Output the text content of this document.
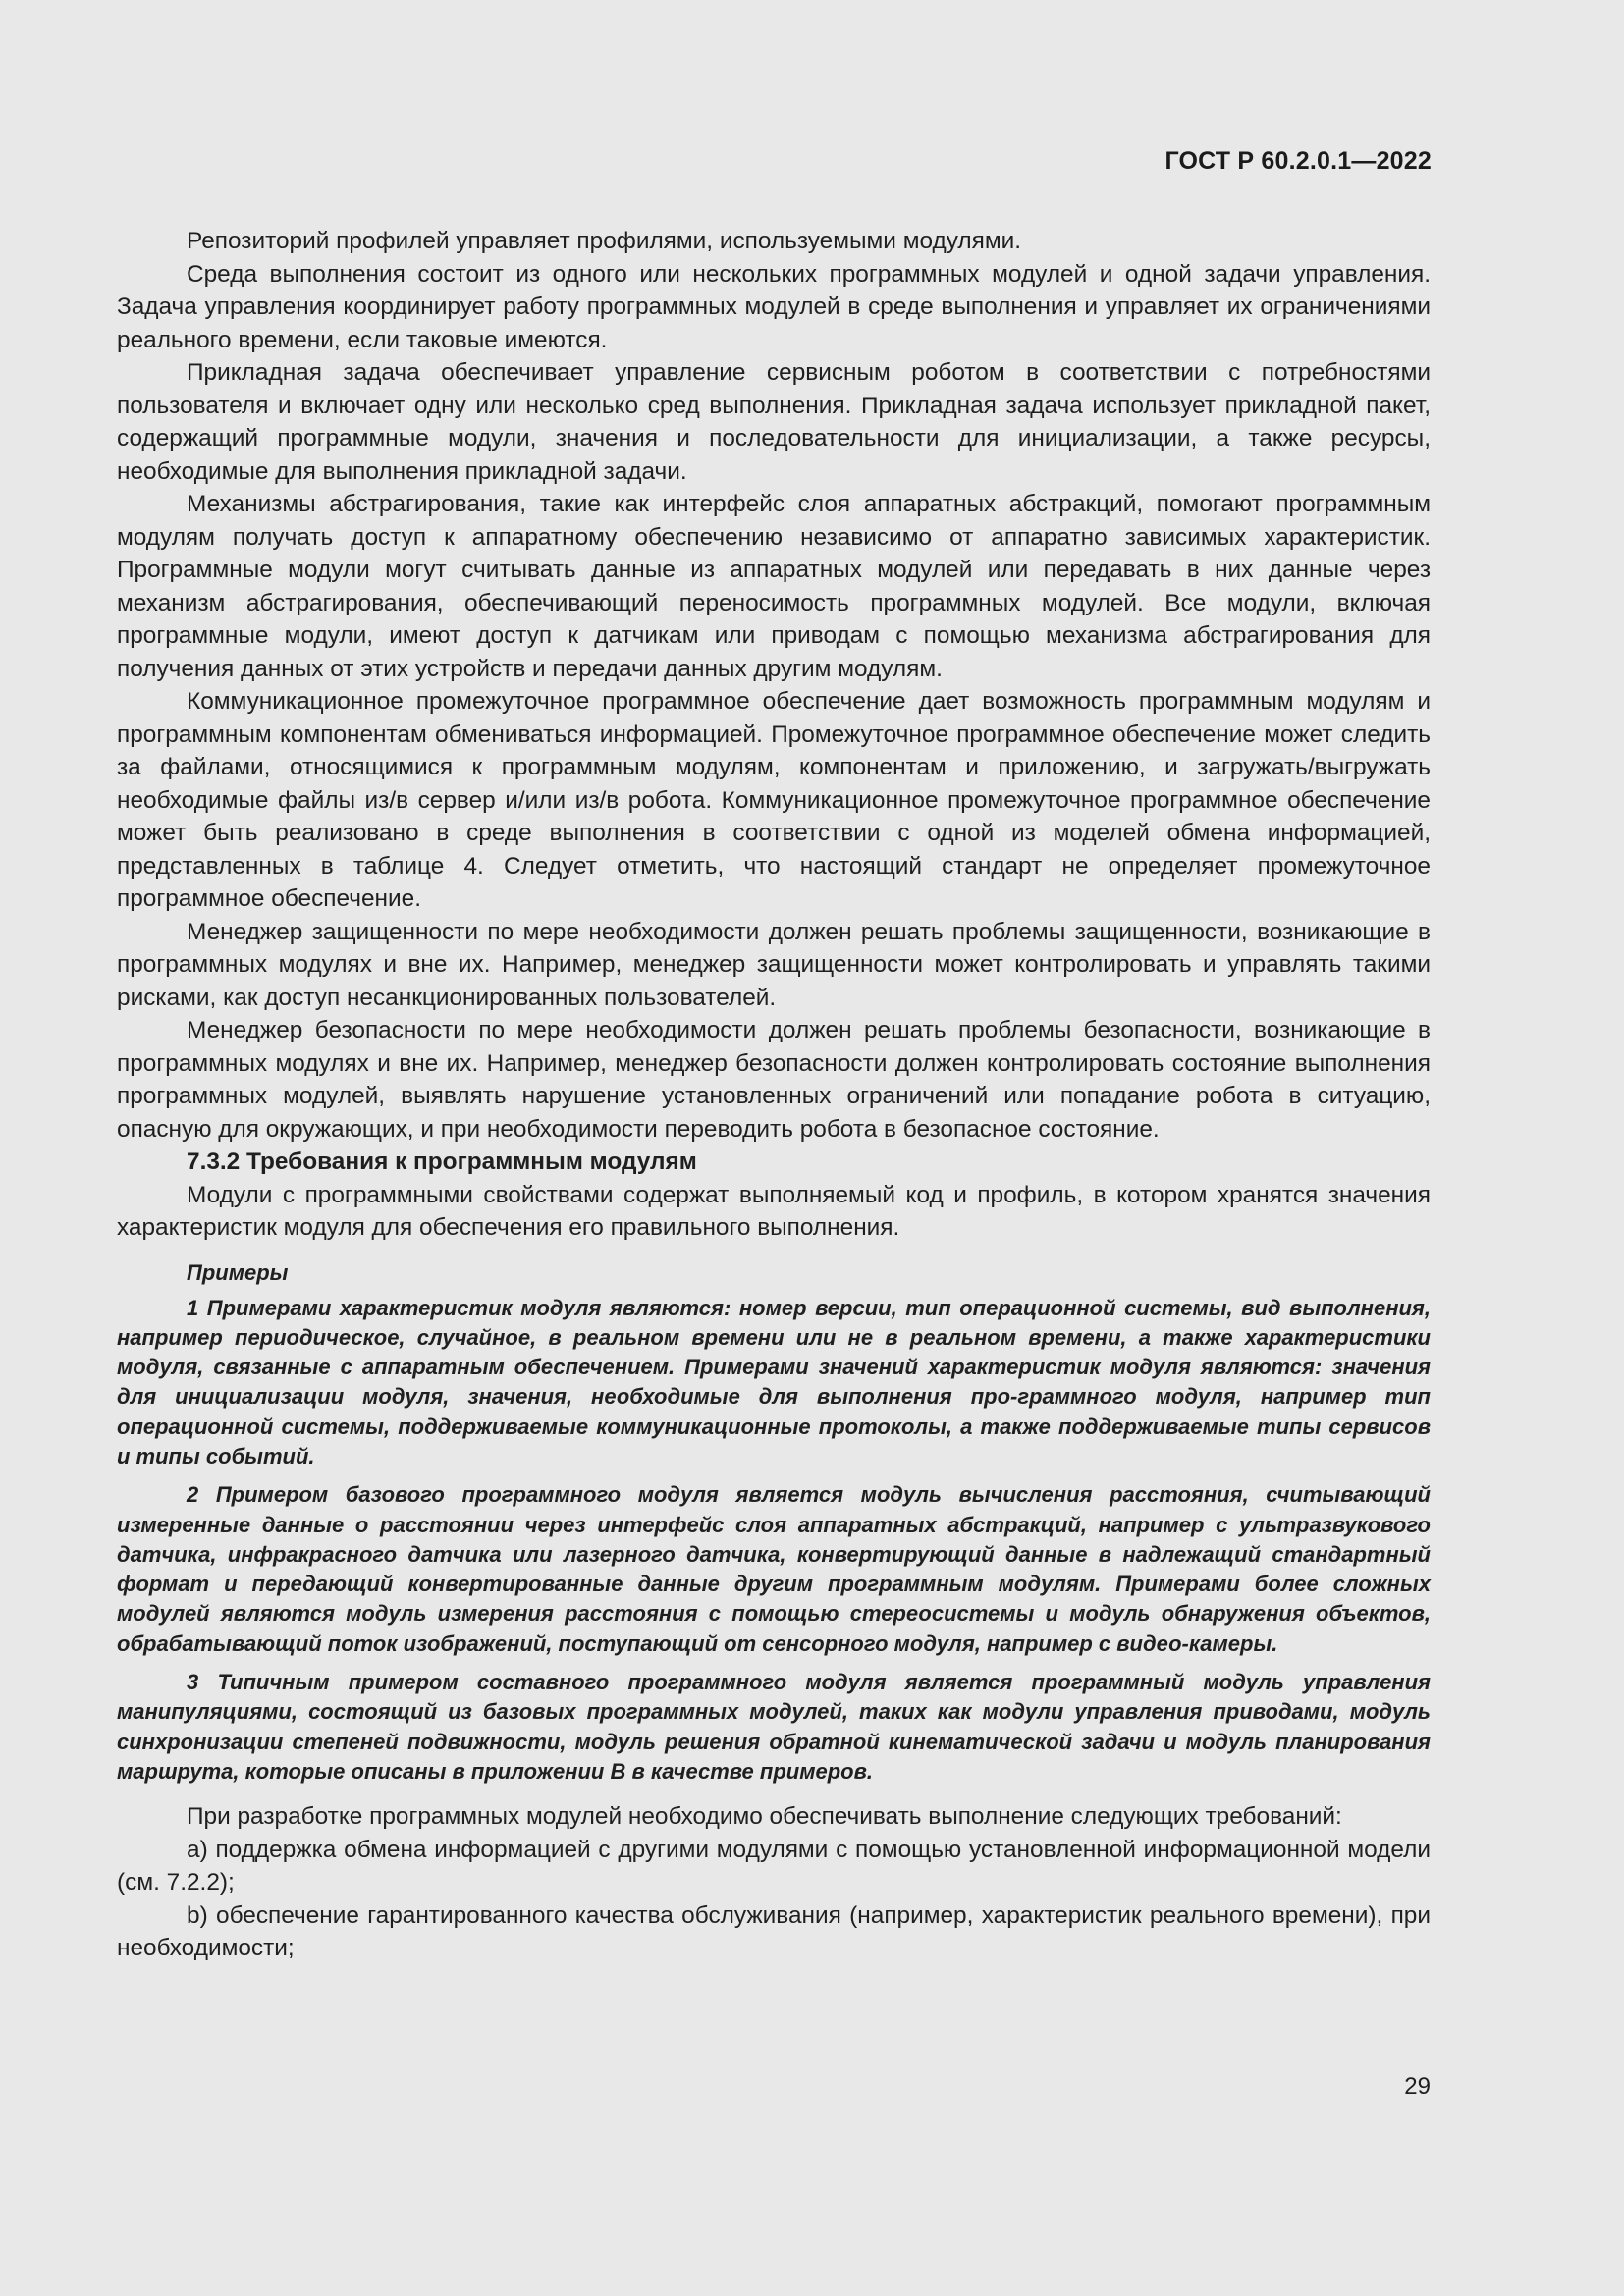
ГОСТ Р 60.2.0.1—2022

Репозиторий профилей управляет профилями, используемыми модулями.

Среда выполнения состоит из одного или нескольких программных модулей и одной задачи управления. Задача управления координирует работу программных модулей в среде выполнения и управляет их ограничениями реального времени, если таковые имеются.

Прикладная задача обеспечивает управление сервисным роботом в соответствии с потребностями пользователя и включает одну или несколько сред выполнения. Прикладная задача использует прикладной пакет, содержащий программные модули, значения и последовательности для инициализации, а также ресурсы, необходимые для выполнения прикладной задачи.

Механизмы абстрагирования, такие как интерфейс слоя аппаратных абстракций, помогают программным модулям получать доступ к аппаратному обеспечению независимо от аппаратно зависимых характеристик. Программные модули могут считывать данные из аппаратных модулей или передавать в них данные через механизм абстрагирования, обеспечивающий переносимость программных модулей. Все модули, включая программные модули, имеют доступ к датчикам или приводам с помощью механизма абстрагирования для получения данных от этих устройств и передачи данных другим модулям.

Коммуникационное промежуточное программное обеспечение дает возможность программным модулям и программным компонентам обмениваться информацией. Промежуточное программное обеспечение может следить за файлами, относящимися к программным модулям, компонентам и приложению, и загружать/выгружать необходимые файлы из/в сервер и/или из/в робота. Коммуникационное промежуточное программное обеспечение может быть реализовано в среде выполнения в соответствии с одной из моделей обмена информацией, представленных в таблице 4. Следует отметить, что настоящий стандарт не определяет промежуточное программное обеспечение.

Менеджер защищенности по мере необходимости должен решать проблемы защищенности, возникающие в программных модулях и вне их. Например, менеджер защищенности может контролировать и управлять такими рисками, как доступ несанкционированных пользователей.

Менеджер безопасности по мере необходимости должен решать проблемы безопасности, возникающие в программных модулях и вне их. Например, менеджер безопасности должен контролировать состояние выполнения программных модулей, выявлять нарушение установленных ограничений или попадание робота в ситуацию, опасную для окружающих, и при необходимости переводить робота в безопасное состояние.

7.3.2 Требования к программным модулям

Модули с программными свойствами содержат выполняемый код и профиль, в котором хранятся значения характеристик модуля для обеспечения его правильного выполнения.

Примеры

1 Примерами характеристик модуля являются: номер версии, тип операционной системы, вид выполнения, например периодическое, случайное, в реальном времени или не в реальном времени, а также характеристики модуля, связанные с аппаратным обеспечением. Примерами значений характеристик модуля являются: значения для инициализации модуля, значения, необходимые для выполнения про-граммного модуля, например тип операционной системы, поддерживаемые коммуникационные протоколы, а также поддерживаемые типы сервисов и типы событий.

2 Примером базового программного модуля является модуль вычисления расстояния, считывающий измеренные данные о расстоянии через интерфейс слоя аппаратных абстракций, например с ультразвукового датчика, инфракрасного датчика или лазерного датчика, конвертирующий данные в надлежащий стандартный формат и передающий конвертированные данные другим программным модулям. Примерами более сложных модулей являются модуль измерения расстояния с помощью стереосистемы и модуль обнаружения объектов, обрабатывающий поток изображений, поступающий от сенсорного модуля, например с видео-камеры.

3 Типичным примером составного программного модуля является программный модуль управления манипуляциями, состоящий из базовых программных модулей, таких как модули управления приводами, модуль синхронизации степеней подвижности, модуль решения обратной кинематической задачи и модуль планирования маршрута, которые описаны в приложении В в качестве примеров.

При разработке программных модулей необходимо обеспечивать выполнение следующих требований:

а) поддержка обмена информацией с другими модулями с помощью установленной информационной модели (см. 7.2.2);

b) обеспечение гарантированного качества обслуживания (например, характеристик реального времени), при необходимости;

29
